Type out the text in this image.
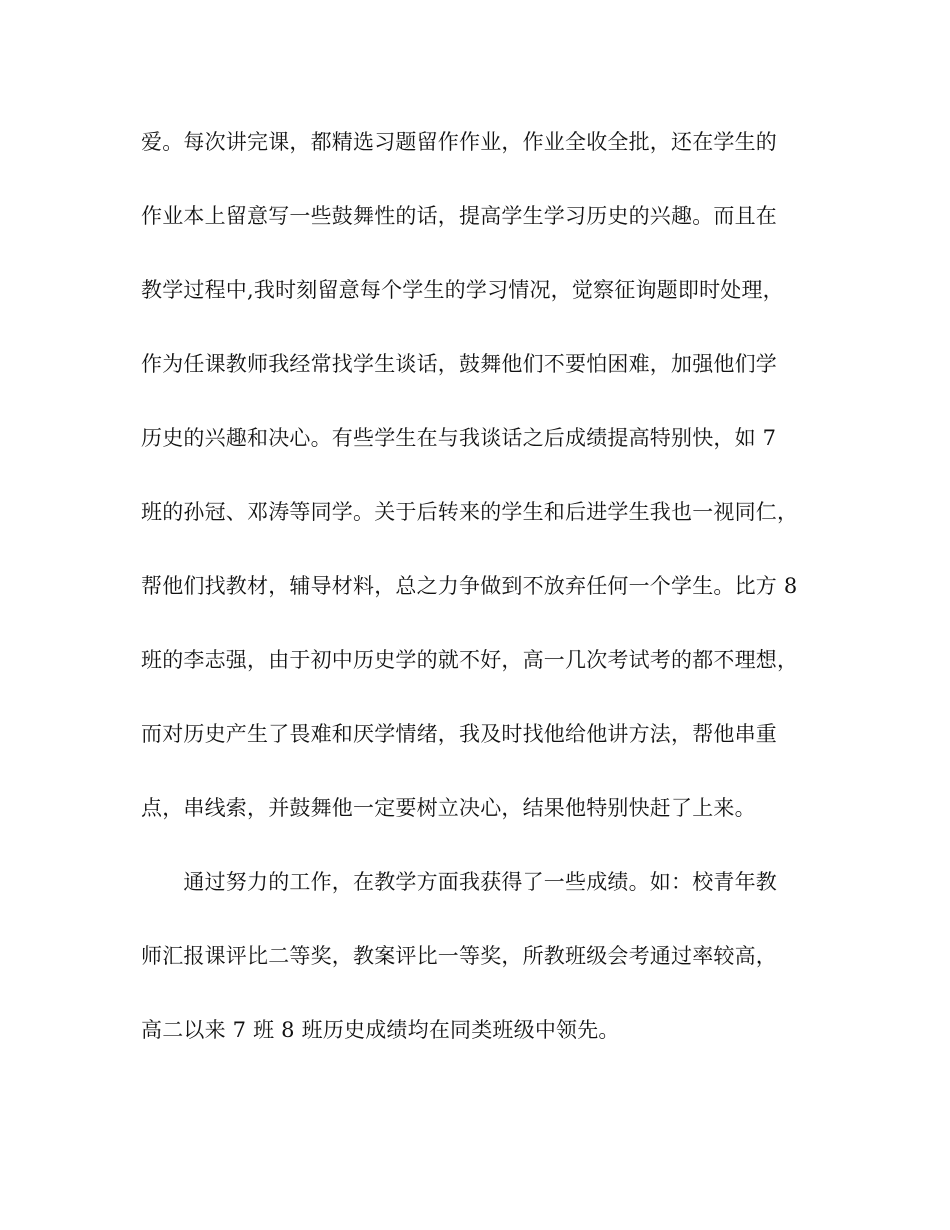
爱。每次讲完课，都精选习题留作作业，作业全收全批，还在学生的
作业本上留意写一些鼓舞性的话，提高学生学习历史的兴趣。而且在
教学过程中,我时刻留意每个学生的学习情况，觉察征询题即时处理，
作为任课教师我经常找学生谈话，鼓舞他们不要怕困难，加强他们学
历史的兴趣和决心。有些学生在与我谈话之后成绩提高特别快，如 7
班的孙冠、邓涛等同学。关于后转来的学生和后进学生我也一视同仁，
帮他们找教材，辅导材料，总之力争做到不放弃任何一个学生。比方 8
班的李志强，由于初中历史学的就不好，高一几次考试考的都不理想，
而对历史产生了畏难和厌学情绪，我及时找他给他讲方法，帮他串重
点，串线索，并鼓舞他一定要树立决心，结果他特别快赶了上来。
　　通过努力的工作，在教学方面我获得了一些成绩。如：校青年教
师汇报课评比二等奖，教案评比一等奖，所教班级会考通过率较高，
高二以来 7 班 8 班历史成绩均在同类班级中领先。
